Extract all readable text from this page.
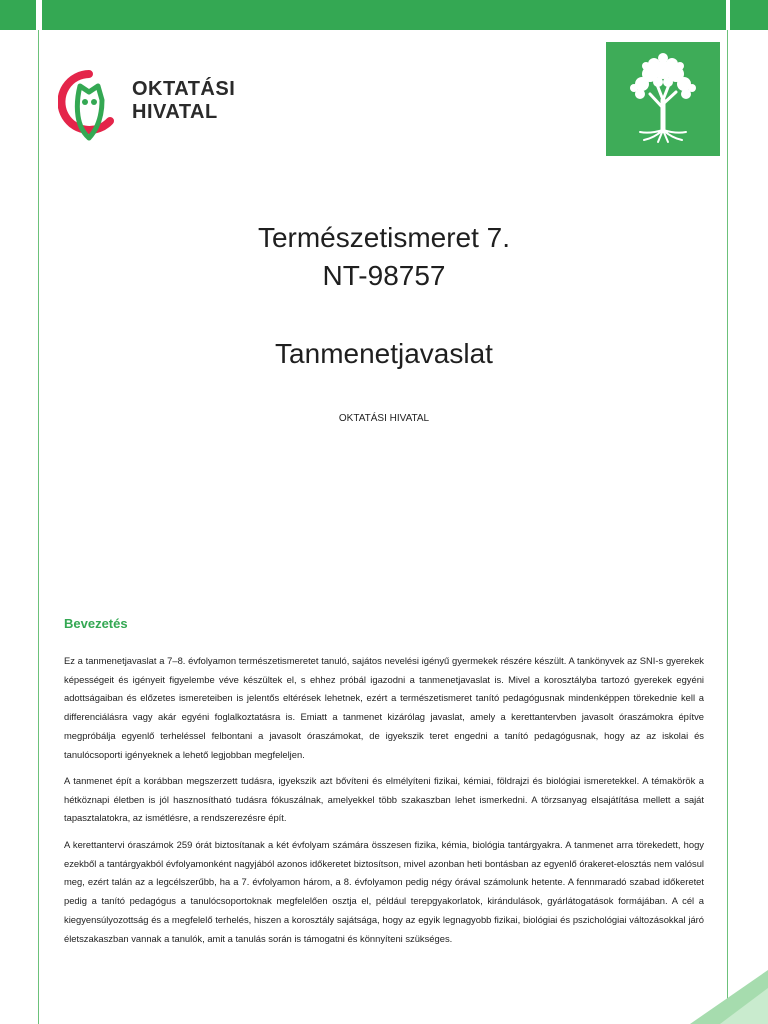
OKTATÁSI
HIVATAL
Természetismeret 7.
NT-98757
Tanmenetjavaslat
OKTATÁSI HIVATAL
Bevezetés

Ez a tanmenetjavaslat a 7–8. évfolyamon természetismeretet tanuló, sajátos nevelési igényű gyermekek részére készült. A tankönyvek az SNI-s gyerekek képességeit és igényeit figyelembe véve készültek el, s ehhez próbál igazodni a tanmenetjavaslat is. Mivel a korosztályba tartozó gyerekek egyéni adottságaiban és előzetes ismereteiben is jelentős eltérések lehetnek, ezért a természetismeret tanító pedagógusnak mindenképpen törekednie kell a differenciálásra vagy akár egyéni foglalkoztatásra is. Emiatt a tanmenet kizárólag javaslat, amely a kerettantervben javasolt óraszámokra építve megpróbálja egyenlő terheléssel felbontani a javasolt óraszámokat, de igyekszik teret engedni a tanító pedagógusnak, hogy az az iskolai és tanulócsoporti igényeknek a lehető legjobban megfeleljen.

A tanmenet épít a korábban megszerzett tudásra, igyekszik azt bővíteni és elmélyíteni fizikai, kémiai, földrajzi és biológiai ismeretekkel. A témakörök a hétköznapi életben is jól hasznosítható tudásra fókuszálnak, amelyekkel több szakaszban lehet ismerkedni. A törzsanyag elsajátítása mellett a saját tapasztalatokra, az ismétlésre, a rendszerezésre épít.

A kerettantervi óraszámok 259 órát biztosítanak a két évfolyam számára összesen fizika, kémia, biológia tantárgyakra. A tanmenet arra törekedett, hogy ezekből a tantárgyakból évfolyamonként nagyjából azonos időkeretet biztosítson, mivel azonban heti bontásban az egyenlő órakeret-elosztás nem valósul meg, ezért talán az a legcélszerűbb, ha a 7. évfolyamon három, a 8. évfolyamon pedig négy órával számolunk hetente. A fennmaradó szabad időkeretet pedig a tanító pedagógus a tanulócsoportoknak megfelelően osztja el, például terepgyakorlatok, kirándulások, gyárlátogatások formájában. A cél a kiegyensúlyozottság és a megfelelő terhelés, hiszen a korosztály sajátsága, hogy az egyik legnagyobb fizikai, biológiai és pszichológiai változásokkal járó életszakaszban vannak a tanulók, amit a tanulás során is támogatni és könnyíteni szükséges.
